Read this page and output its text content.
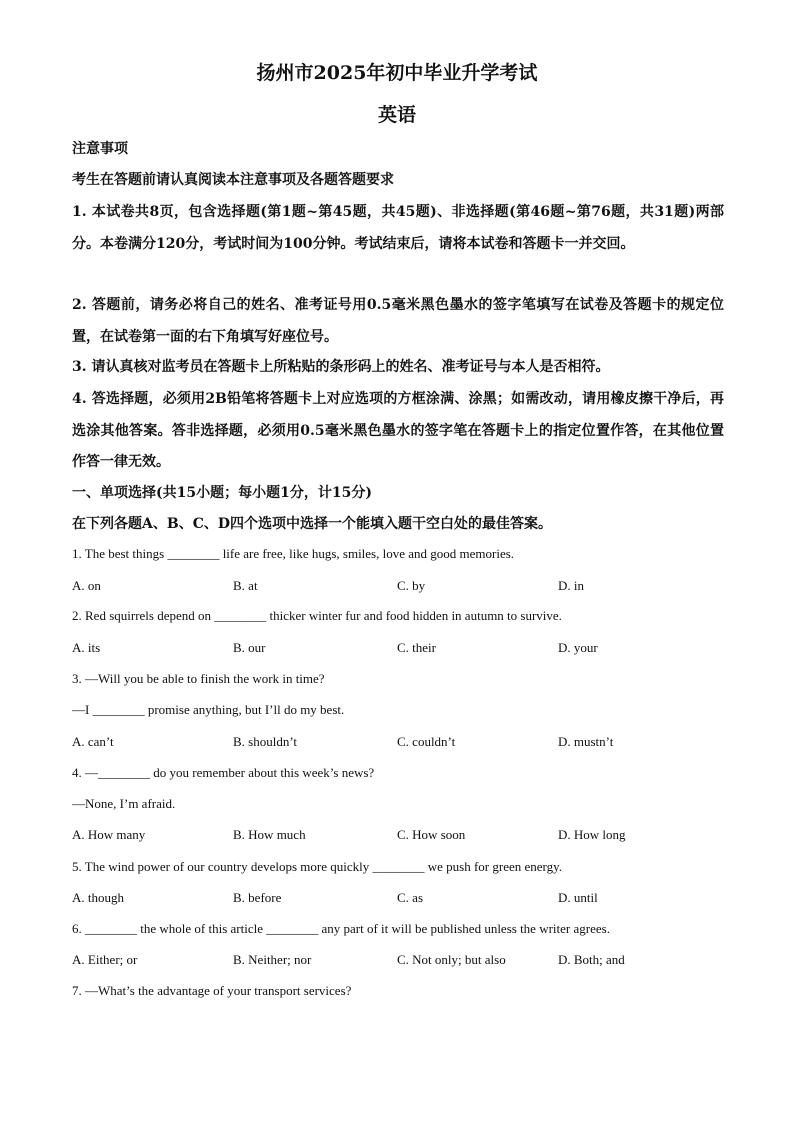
扬州市2025年初中毕业升学考试
英语
注意事项
考生在答题前请认真阅读本注意事项及各题答题要求
1. 本试卷共8页，包含选择题(第1题~第45题，共45题)、非选择题(第46题~第76题，共31题)两部分。本卷满分120分，考试时间为100分钟。考试结束后，请将本试卷和答题卡一并交回。
2. 答题前，请务必将自己的姓名、准考证号用0.5毫米黑色墨水的签字笔填写在试卷及答题卡的规定位置，在试卷第一面的右下角填写好座位号。
3. 请认真核对监考员在答题卡上所粘贴的条形码上的姓名、准考证号与本人是否相符。
4. 答选择题，必须用2B铅笔将答题卡上对应选项的方框涂满、涂黑；如需改动，请用橡皮擦干净后，再选涂其他答案。答非选择题，必须用0.5毫米黑色墨水的签字笔在答题卡上的指定位置作答，在其他位置作答一律无效。
一、单项选择(共15小题；每小题1分，计15分)
在下列各题A、B、C、D四个选项中选择一个能填入题干空白处的最佳答案。
1. The best things ________ life are free, like hugs, smiles, love and good memories.
A. on	B. at	C. by	D. in
2. Red squirrels depend on ________ thicker winter fur and food hidden in autumn to survive.
A. its	B. our	C. their	D. your
3. —Will you be able to finish the work in time?
—I ________ promise anything, but I’ll do my best.
A. can’t	B. shouldn’t	C. couldn’t	D. mustn’t
4. —________ do you remember about this week’s news?
—None, I’m afraid.
A. How many	B. How much	C. How soon	D. How long
5. The wind power of our country develops more quickly ________ we push for green energy.
A. though	B. before	C. as	D. until
6. ________ the whole of this article ________ any part of it will be published unless the writer agrees.
A. Either; or	B. Neither; nor	C. Not only; but also	D. Both; and
7. —What’s the advantage of your transport services?
